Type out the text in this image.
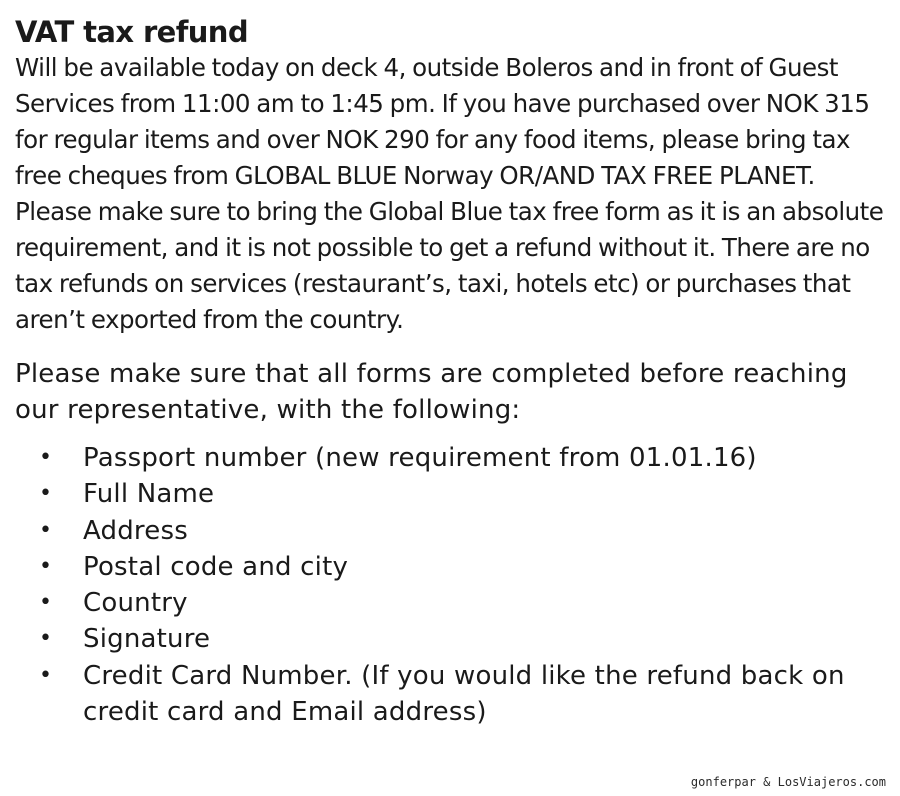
VAT tax refund

Will be available today on deck 4, outside Boleros and in front of Guest Services from 11:00 am to 1:45 pm. If you have purchased over NOK 315 for regular items and over NOK 290 for any food items, please bring tax free cheques from GLOBAL BLUE Norway OR/AND TAX FREE PLANET. Please make sure to bring the Global Blue tax free form as it is an absolute requirement, and it is not possible to get a refund without it. There are no tax refunds on services (restaurant’s, taxi, hotels etc) or purchases that aren’t exported from the country.

Please make sure that all forms are completed before reaching our representative, with the following:

• Passport number (new requirement from 01.01.16)
• Full Name
• Address
• Postal code and city
• Country
• Signature
• Credit Card Number. (If you would like the refund back on credit card and Email address)
gonferpar & LosViajeros.com
